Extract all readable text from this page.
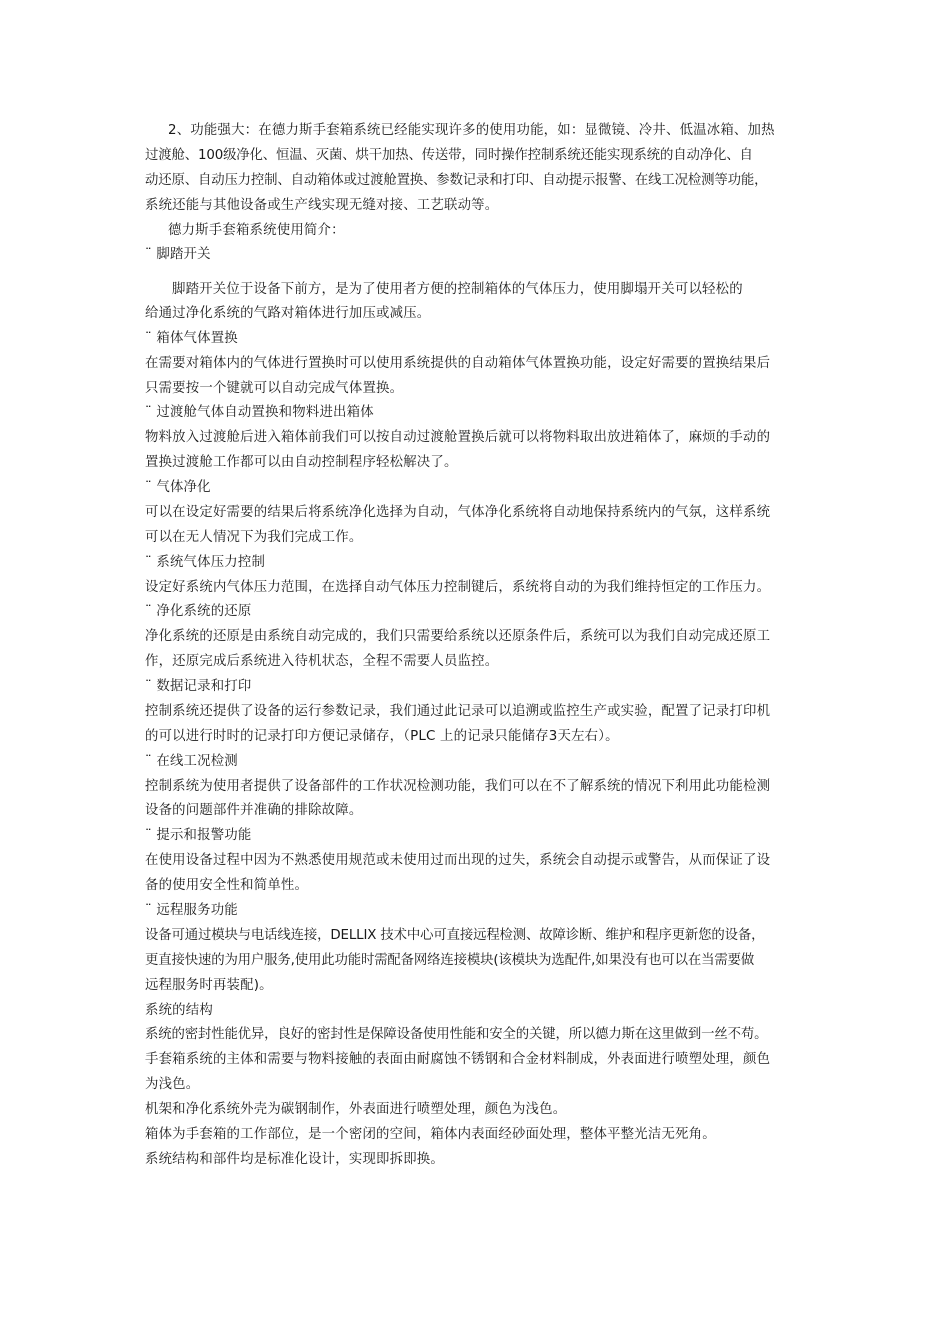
2、功能强大：在德力斯手套箱系统已经能实现许多的使用功能，如：显微镜、冷井、低温冰箱、加热
过渡舱、100级净化、恒温、灭菌、烘干加热、传送带，同时操作控制系统还能实现系统的自动净化、自
动还原、自动压力控制、自动箱体或过渡舱置换、参数记录和打印、自动提示报警、在线工况检测等功能，
系统还能与其他设备或生产线实现无缝对接、工艺联动等。
德力斯手套箱系统使用简介：
¨ 脚踏开关
脚踏开关位于设备下前方，是为了使用者方便的控制箱体的气体压力，使用脚塌开关可以轻松的
给通过净化系统的气路对箱体进行加压或减压。
¨ 箱体气体置换
在需要对箱体内的气体进行置换时可以使用系统提供的自动箱体气体置换功能，设定好需要的置换结果后
只需要按一个键就可以自动完成气体置换。
¨ 过渡舱气体自动置换和物料进出箱体
物料放入过渡舱后进入箱体前我们可以按自动过渡舱置换后就可以将物料取出放进箱体了，麻烦的手动的
置换过渡舱工作都可以由自动控制程序轻松解决了。
¨ 气体净化
可以在设定好需要的结果后将系统净化选择为自动，气体净化系统将自动地保持系统内的气氛，这样系统
可以在无人情况下为我们完成工作。
¨ 系统气体压力控制
设定好系统内气体压力范围，在选择自动气体压力控制键后，系统将自动的为我们维持恒定的工作压力。
¨ 净化系统的还原
净化系统的还原是由系统自动完成的，我们只需要给系统以还原条件后，系统可以为我们自动完成还原工
作，还原完成后系统进入待机状态，全程不需要人员监控。
¨ 数据记录和打印
控制系统还提供了设备的运行参数记录，我们通过此记录可以追溯或监控生产或实验，配置了记录打印机
的可以进行时时的记录打印方便记录储存，（PLC 上的记录只能储存3天左右）。
¨ 在线工况检测
控制系统为使用者提供了设备部件的工作状况检测功能，我们可以在不了解系统的情况下利用此功能检测
设备的问题部件并准确的排除故障。
¨ 提示和报警功能
在使用设备过程中因为不熟悉使用规范或未使用过而出现的过失，系统会自动提示或警告，从而保证了设
备的使用安全性和简单性。
¨ 远程服务功能
设备可通过模块与电话线连接，DELLIX 技术中心可直接远程检测、故障诊断、维护和程序更新您的设备，
更直接快速的为用户服务,使用此功能时需配备网络连接模块(该模块为选配件,如果没有也可以在当需要做
远程服务时再装配)。
系统的结构
系统的密封性能优异，良好的密封性是保障设备使用性能和安全的关键，所以德力斯在这里做到一丝不苟。
手套箱系统的主体和需要与物料接触的表面由耐腐蚀不锈钢和合金材料制成，外表面进行喷塑处理，颜色
为浅色。
机架和净化系统外壳为碳钢制作，外表面进行喷塑处理，颜色为浅色。
箱体为手套箱的工作部位，是一个密闭的空间，箱体内表面经砂面处理，整体平整光洁无死角。
系统结构和部件均是标准化设计，实现即拆即换。
